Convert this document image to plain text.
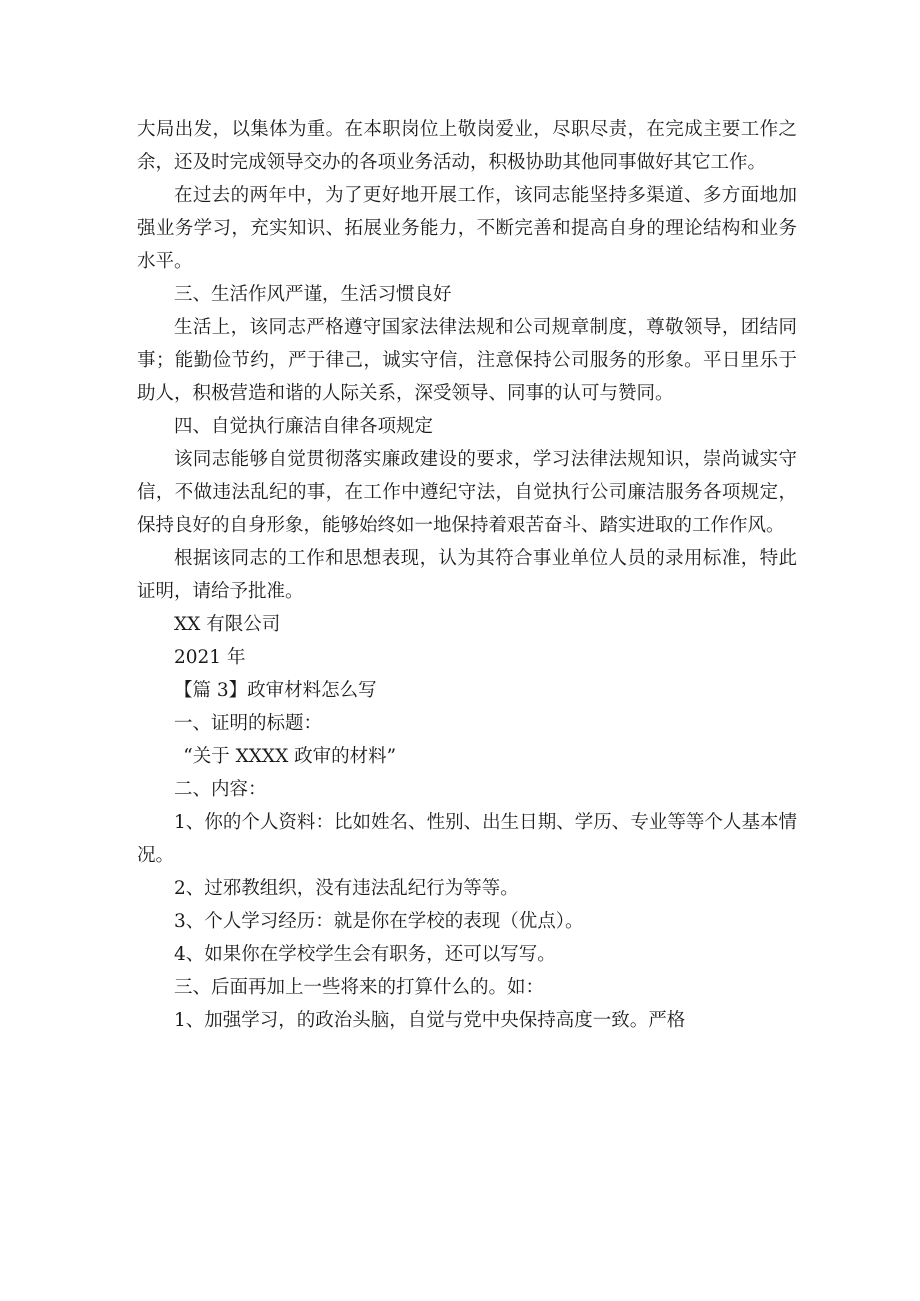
大局出发，以集体为重。在本职岗位上敬岗爱业，尽职尽责，在完成主要工作之余，还及时完成领导交办的各项业务活动，积极协助其他同事做好其它工作。

在过去的两年中，为了更好地开展工作，该同志能坚持多渠道、多方面地加强业务学习，充实知识、拓展业务能力，不断完善和提高自身的理论结构和业务水平。

三、生活作风严谨，生活习惯良好

生活上，该同志严格遵守国家法律法规和公司规章制度，尊敬领导，团结同事；能勤俭节约，严于律己，诚实守信，注意保持公司服务的形象。平日里乐于助人，积极营造和谐的人际关系，深受领导、同事的认可与赞同。

四、自觉执行廉洁自律各项规定

该同志能够自觉贯彻落实廉政建设的要求，学习法律法规知识，崇尚诚实守信，不做违法乱纪的事，在工作中遵纪守法，自觉执行公司廉洁服务各项规定，保持良好的自身形象，能够始终如一地保持着艰苦奋斗、踏实进取的工作作风。

根据该同志的工作和思想表现，认为其符合事业单位人员的录用标准，特此证明，请给予批准。

XX 有限公司

2021 年

【篇 3】政审材料怎么写

一、证明的标题：

“关于 XXXX 政审的材料”

二、内容：

1、你的个人资料：比如姓名、性别、出生日期、学历、专业等等个人基本情况。

2、过邪教组织，没有违法乱纪行为等等。

3、个人学习经历：就是你在学校的表现（优点）。

4、如果你在学校学生会有职务，还可以写写。

三、后面再加上一些将来的打算什么的。如：

1、加强学习，的政治头脑，自觉与党中央保持高度一致。严格
